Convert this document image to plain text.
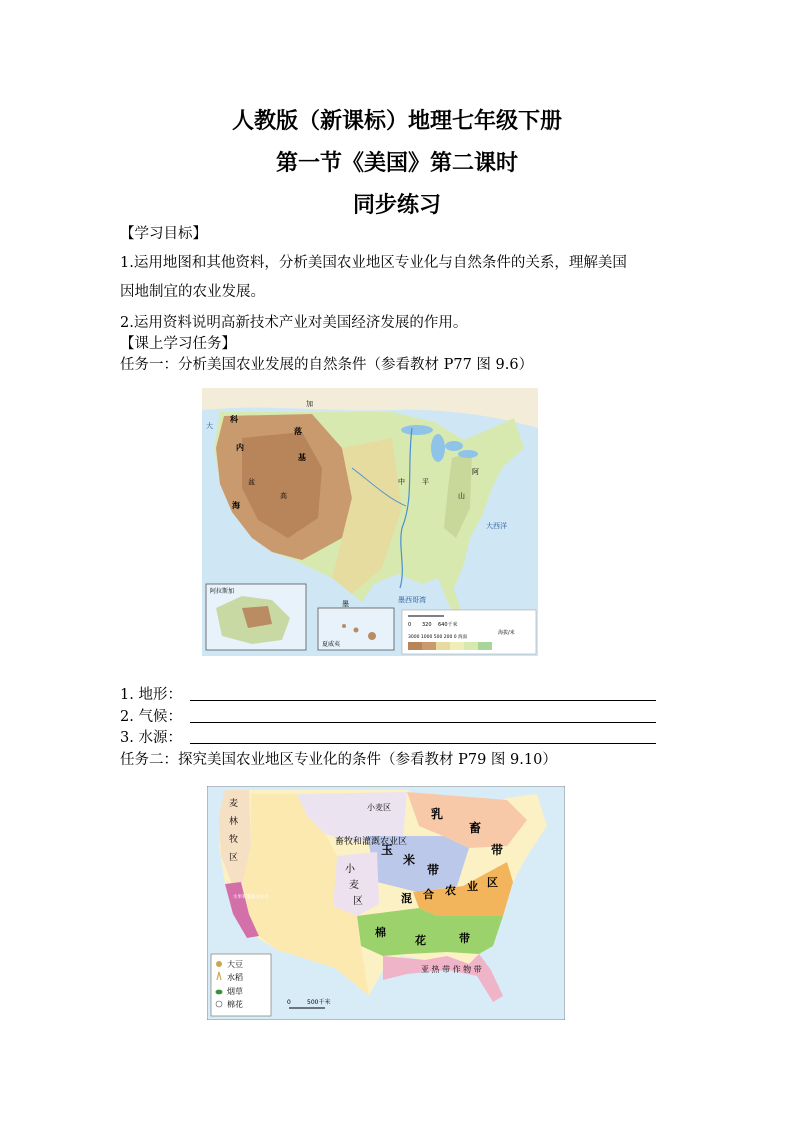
人教版（新课标）地理七年级下册
第一节《美国》第二课时
同步练习
【学习目标】
1.运用地图和其他资料，分析美国农业地区专业化与自然条件的关系，理解美国
因地制宜的农业发展。
2.运用资料说明高新技术产业对美国经济发展的作用。
【课上学习任务】
任务一：分析美国农业发展的自然条件（参看教材 P77 图 9.6）
加
大
中 平
山
阿
落
基
盆
高
科
内
海
墨西哥湾
墨
阿拉斯加
夏威夷
大西洋
0 320 640千米
海拔/米
3000 1000 500 200 0 海面
1. 地形：
2. 气候：
3. 水源：
任务二：探究美国农业地区专业化的条件（参看教材 P79 图 9.10）
畜牧和灌溉农业区
小麦区	乳
畜
带
玉
米
带
小
麦
区	混 合 农 业 区
棉
花	带
亚 热 带 作 物 带
麦
林
牧
区
水果和灌溉农业区
大豆
水稻
烟草
棉花	0	500千米
